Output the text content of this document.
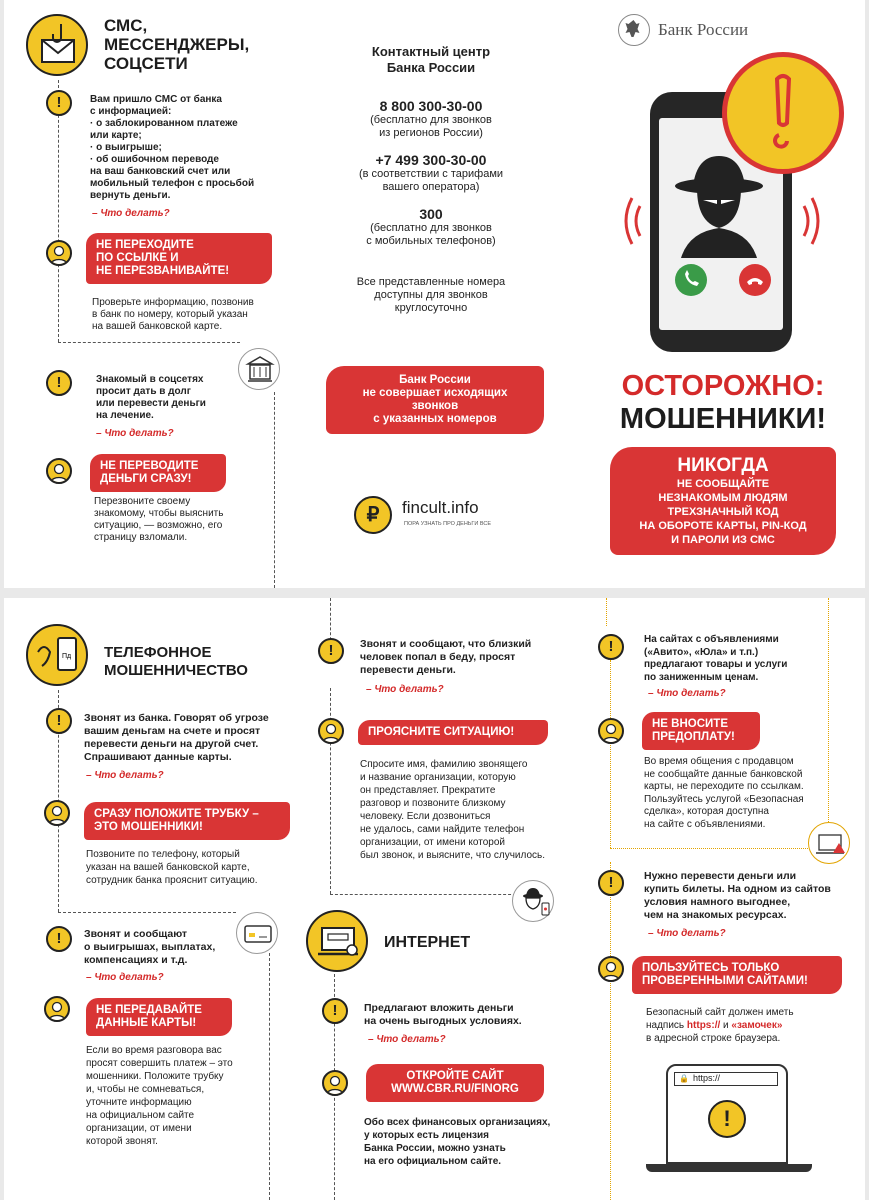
СМС,
МЕССЕНДЖЕРЫ,
СОЦСЕТИ
!	Вам пришло СМС от банка
с информацией:
· о заблокированном платеже
или карте;
· о выигрыше;
· об ошибочном переводе
на ваш банковский счет или
мобильный телефон с просьбой
вернуть деньги.
– Что делать?
НЕ ПЕРЕХОДИТЕ
ПО ССЫЛКЕ И
НЕ ПЕРЕЗВАНИВАЙТЕ!
Проверьте информацию, позвонив
в банк по номеру, который указан
на вашей банковской карте.
!	Знакомый в соцсетях
просит дать в долг
или перевести деньги
на лечение.
– Что делать?
НЕ ПЕРЕВОДИТЕ
ДЕНЬГИ СРАЗУ!
Перезвоните своему
знакомому, чтобы выяснить
ситуацию, — возможно, его
страницу взломали.
Контактный центр
Банка России
8 800 300-30-00
(бесплатно для звонков
из регионов России)
+7 499 300-30-00
(в соответствии с тарифами
вашего оператора)
300
(бесплатно для звонков
с мобильных телефонов)
Все представленные номера
доступны для звонков
круглосуточно
Банк России
не совершает исходящих
звонков
с указанных номеров
₽	fincult.info
ПОРА УЗНАТЬ ПРО ДЕНЬГИ ВСЕ
Банк России
ОСТОРОЖНО:
МОШЕННИКИ!
НИКОГДА
НЕ СООБЩАЙТЕ
НЕЗНАКОМЫМ ЛЮДЯМ
ТРЕХЗНАЧНЫЙ КОД
НА ОБОРОТЕ КАРТЫ, PIN-КОД
И ПАРОЛИ ИЗ СМС
Пд ТЕЛЕФОННОЕ
МОШЕННИЧЕСТВО
!	Звонят из банка. Говорят об угрозе
вашим деньгам на счете и просят
перевести деньги на другой счет.
Спрашивают данные карты.
– Что делать?
СРАЗУ ПОЛОЖИТЕ ТРУБКУ –
ЭТО МОШЕННИКИ!
Позвоните по телефону, который
указан на вашей банковской карте,
сотрудник банка прояснит ситуацию.
!	Звонят и сообщают
о выигрышах, выплатах,
компенсациях и т.д.
– Что делать?
НЕ ПЕРЕДАВАЙТЕ
ДАННЫЕ КАРТЫ!
Если во время разговора вас
просят совершить платеж – это
мошенники. Положите трубку
и, чтобы не сомневаться,
уточните информацию
на официальном сайте
организации, от имени
которой звонят.
!	Звонят и сообщают, что близкий
человек попал в беду, просят
перевести деньги.
– Что делать?
ПРОЯСНИТЕ СИТУАЦИЮ!
Спросите имя, фамилию звонящего
и название организации, которую
он представляет. Прекратите
разговор и позвоните близкому
человеку. Если дозвониться
не удалось, сами найдите телефон
организации, от имени которой
был звонок, и выясните, что случилось.
ИНТЕРНЕТ
!	Предлагают вложить деньги
на очень выгодных условиях.
– Что делать?
ОТКРОЙТЕ САЙТ
WWW.CBR.RU/FINORG
Обо всех финансовых организациях,
у которых есть лицензия
Банка России, можно узнать
на его официальном сайте.
!	На сайтах с объявлениями
(«Авито», «Юла» и т.п.)
предлагают товары и услуги
по заниженным ценам.
– Что делать?
НЕ ВНОСИТЕ
ПРЕДОПЛАТУ!
Во время общения с продавцом
не сообщайте данные банковской
карты, не переходите по ссылкам.
Пользуйтесь услугой «Безопасная
сделка», которая доступна
на сайте с объявлениями.
!	Нужно перевести деньги или
купить билеты. На одном из сайтов
условия намного выгоднее,
чем на знакомых ресурсах.
– Что делать?
ПОЛЬЗУЙТЕСЬ ТОЛЬКО
ПРОВЕРЕННЫМИ САЙТАМИ!
Безопасный сайт должен иметь
надпись https:// и «замочек»
в адресной строке браузера.
🔒 https://
!
